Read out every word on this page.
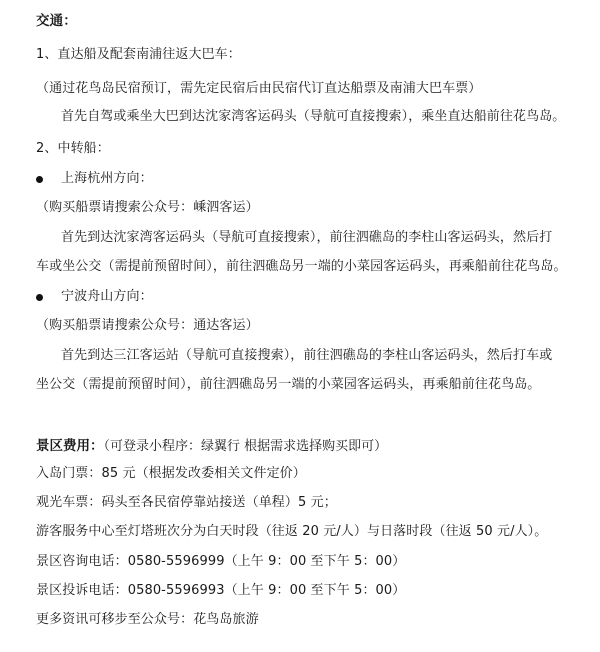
交通：
1、直达船及配套南浦往返大巴车：
（通过花鸟岛民宿预订，需先定民宿后由民宿代订直达船票及南浦大巴车票）
首先自驾或乘坐大巴到达沈家湾客运码头（导航可直接搜索），乘坐直达船前往花鸟岛。
2、中转船：
上海杭州方向：
（购买船票请搜索公众号：嵊泗客运）
首先到达沈家湾客运码头（导航可直接搜索），前往泗礁岛的李柱山客运码头，然后打
车或坐公交（需提前预留时间），前往泗礁岛另一端的小菜园客运码头，再乘船前往花鸟岛。
宁波舟山方向：
（购买船票请搜索公众号：通达客运）
首先到达三江客运站（导航可直接搜索），前往泗礁岛的李柱山客运码头，然后打车或
坐公交（需提前预留时间），前往泗礁岛另一端的小菜园客运码头，再乘船前往花鸟岛。
景区费用：（可登录小程序：绿翼行 根据需求选择购买即可）
入岛门票：85 元（根据发改委相关文件定价）
观光车票：码头至各民宿停靠站接送（单程）5 元；
游客服务中心至灯塔班次分为白天时段（往返 20 元/人）与日落时段（往返 50 元/人）。
景区咨询电话：0580-5596999（上午 9：00 至下午 5：00）
景区投诉电话：0580-5596993（上午 9：00 至下午 5：00）
更多资讯可移步至公众号：花鸟岛旅游
